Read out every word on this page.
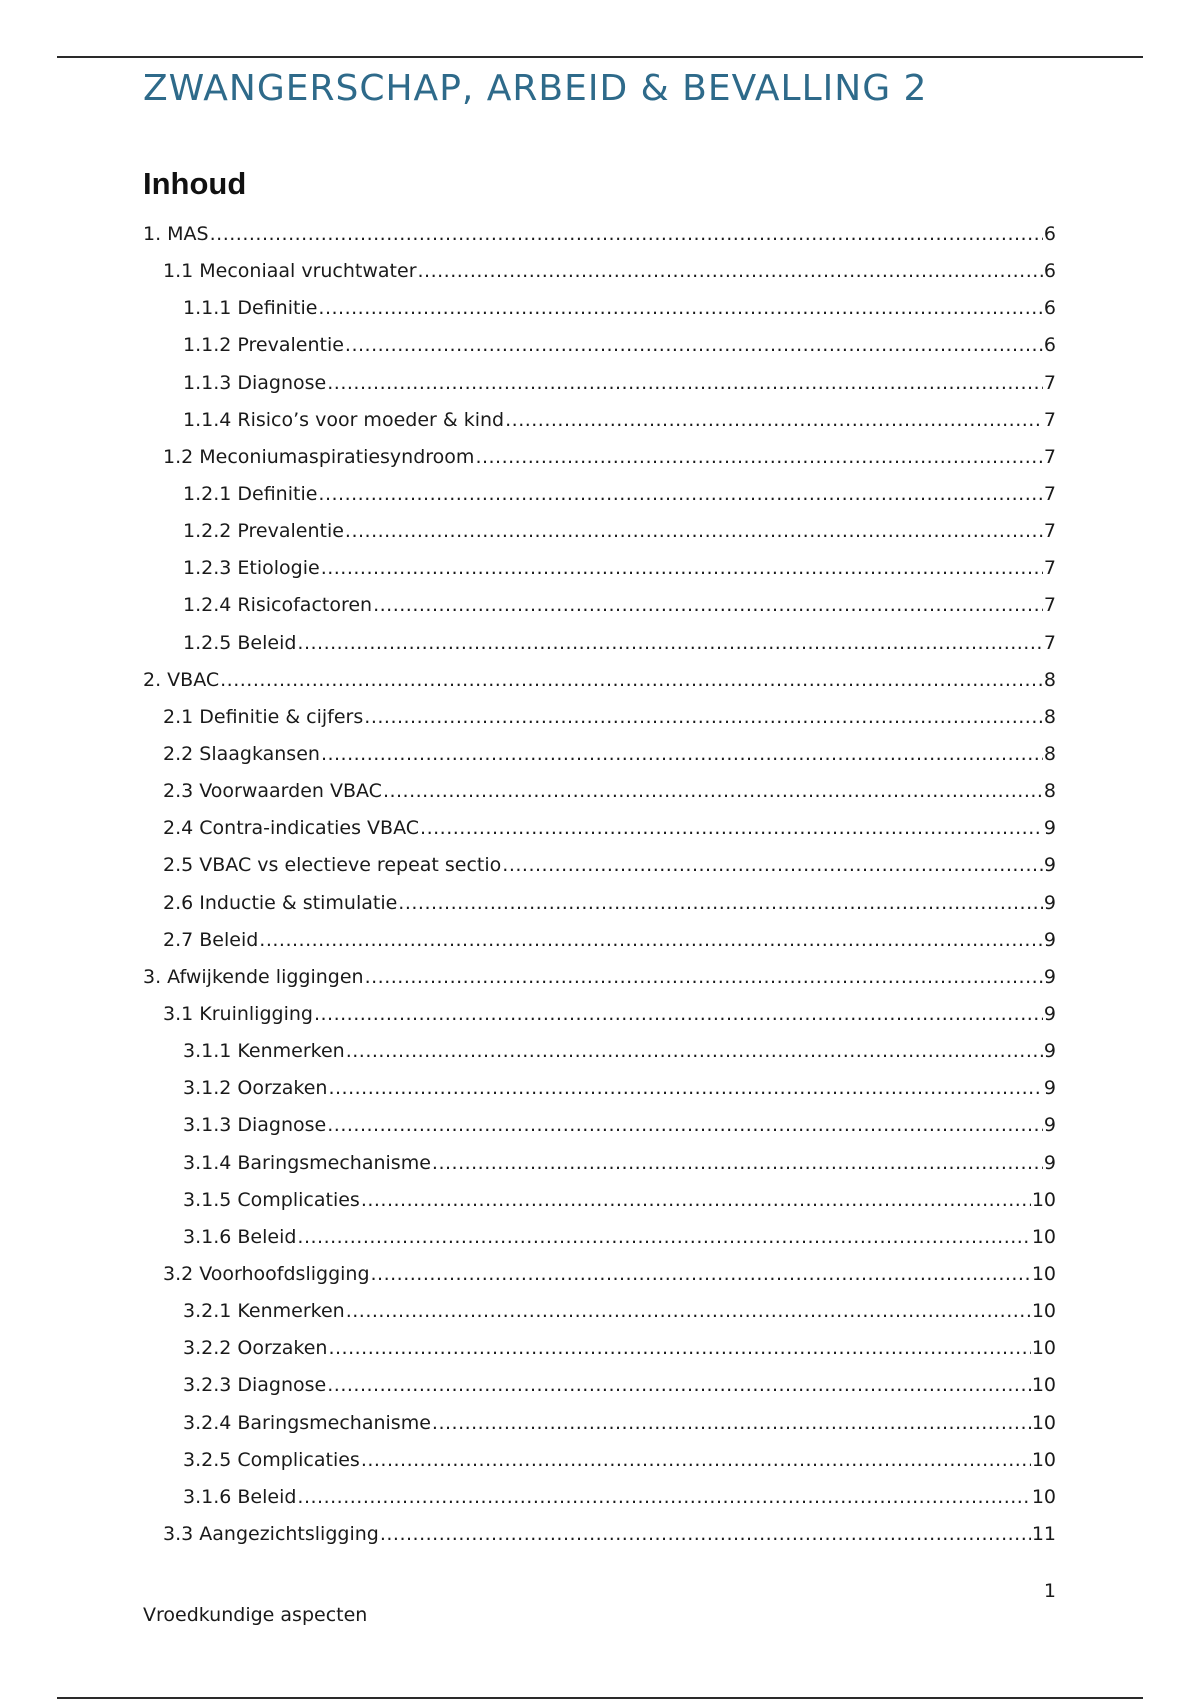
ZWANGERSCHAP, ARBEID & BEVALLING 2
Inhoud
1. MAS .....	6
1.1 Meconiaal vruchtwater .....	6
1.1.1 Definitie .....	6
1.1.2 Prevalentie .....	6
1.1.3 Diagnose .....	7
1.1.4 Risico’s voor moeder & kind .....	7
1.2 Meconiumaspiratiesyndroom .....	7
1.2.1 Definitie .....	7
1.2.2 Prevalentie .....	7
1.2.3 Etiologie .....	7
1.2.4 Risicofactoren .....	7
1.2.5 Beleid .....	7
2. VBAC .....	8
2.1 Definitie & cijfers .....	8
2.2 Slaagkansen .....	8
2.3 Voorwaarden VBAC .....	8
2.4 Contra-indicaties VBAC .....	9
2.5 VBAC vs electieve repeat sectio .....	9
2.6 Inductie & stimulatie .....	9
2.7 Beleid .....	9
3. Afwijkende liggingen .....	9
3.1 Kruinligging .....	9
3.1.1 Kenmerken .....	9
3.1.2 Oorzaken .....	9
3.1.3 Diagnose .....	9
3.1.4 Baringsmechanisme .....	9
3.1.5 Complicaties .....	10
3.1.6 Beleid .....	10
3.2 Voorhoofdsligging .....	10
3.2.1 Kenmerken .....	10
3.2.2 Oorzaken .....	10
3.2.3 Diagnose .....	10
3.2.4 Baringsmechanisme .....	10
3.2.5 Complicaties .....	10
3.1.6 Beleid .....	10
3.3 Aangezichtsligging .....	11
1
Vroedkundige aspecten
